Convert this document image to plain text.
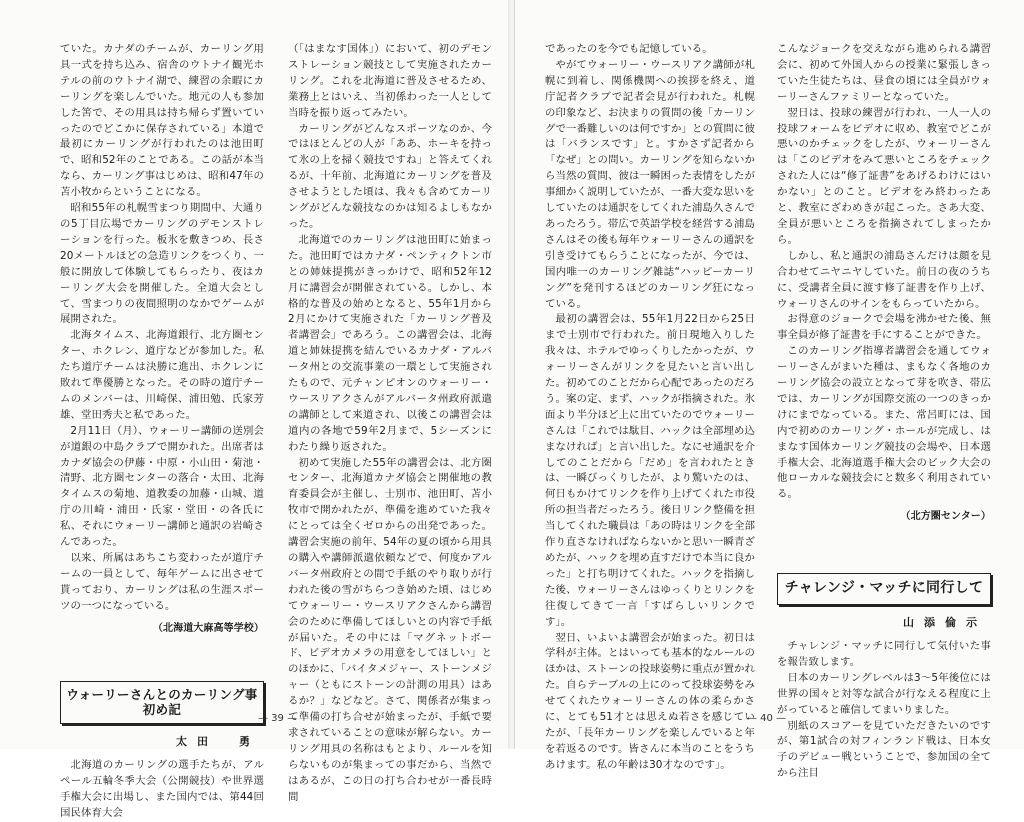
ていた。カナダのチームが、カーリング用具一式を持ち込み、宿舎のウトナイ観光ホテルの前のウトナイ湖で、練習の余暇にカーリングを楽しんでいた。地元の人も参加した筈で、その用具は持ち帰らず置いていったのでどこかに保存されている」本道で最初にカーリングが行われたのは池田町で、昭和52年のことである。この話が本当なら、カーリング事はじめは、昭和47年の苫小牧からということになる。

昭和55年の札幌雪まつり期間中、大通りの5丁目広場でカーリングのデモンストレーションを行った。板氷を敷きつめ、長さ20メートルほどの急造リンクをつくり、一般に開放して体験してもらったり、夜はカーリング大会を開催した。全道大会として、雪まつりの夜間照明のなかでゲームが展開された。

北海タイムス、北海道銀行、北方圏センター、ホクレン、道庁などが参加した。私たち道庁チームは決勝に進出、ホクレンに敗れて準優勝となった。その時の道庁チームのメンバーは、川崎保、浦田勉、氏家芳雄、堂田秀夫と私であった。

2月11日（月）、ウォーリー講師の送別会が道銀の中島クラブで開かれた。出席者はカナダ協会の伊藤・中原・小山田・菊池・清野、北方圏センターの落合・太田、北海タイムスの菊地、道教委の加藤・山城、道庁の川崎・浦田・氏家・堂田・の各氏に私、それにウォーリー講師と通訳の岩崎さんであった。

以来、所属はあちこち変わったが道庁チームの一員として、毎年ゲームに出させて貰っており、カーリングは私の生涯スポーツの一つになっている。

（北海道大麻高等学校）
ウォーリーさんとのカーリング事初め記
太田　勇

北海道のカーリングの選手たちが、アルペール五輪冬季大会（公開競技）や世界選手権大会に出場し、また国内では、第44回国民体育大会

（「はまなす国体」）において、初のデモンストレーション競技として実施されたカーリング。これを北海道に普及させるため、業務上とはいえ、当初係わった一人として当時を振り返ってみたい。

カーリングがどんなスポーツなのか、今ではほとんどの人が「ああ、ホーキを持って氷の上を掃く競技ですね」と答えてくれるが、十年前、北海道にカーリングを普及させようとした頃は、我々も含めてカーリングがどんな競技なのかは知るよしもなかった。

北海道でのカーリングは池田町に始まった。池田町ではカナダ・ペンティクトン市との姉妹提携がきっかけで、昭和52年12月に講習会が開催されている。しかし、本格的な普及の始めとなると、55年1月から2月にかけて実施された「カーリング普及者講習会」であろう。この講習会は、北海道と姉妹提携を結んでいるカナダ・アルバータ州との交流事業の一環として実施されたもので、元チャンピオンのウォーリー・ウースリアクさんがアルバータ州政府派遣の講師として来道され、以後この講習会は道内の各地で59年2月まで、5シーズンにわたり繰り返された。

初めて実施した55年の講習会は、北方圏センター、北海道カナダ協会と開催地の教育委員会が主催し、士別市、池田町、苫小牧市で開かれたが、準備を進めていた我々にとっては全くゼロからの出発であった。講習会実施の前年、54年の夏の頃から用具の購入や講師派遣依頼などで、何度かアルバータ州政府との間で手紙のやり取りが行われた後の雪がちらつき始めた頃、はじめてウォーリー・ウースリアクさんから講習会のために準備してほしいとの内容で手紙が届いた。その中には「マグネットボード、ビデオカメラの用意をしてほしい」とのほかに、「バイタメジャー、ストーンメジャー（ともにストーンの計測の用具）はあるか？」などなど。さて、関係者が集まって準備の打ち合せが始まったが、手紙で要求されていることの意味が解らない。カーリング用具の名称はもとより、ルールを知らないものが集まっての事だから、当然ではあるが、この日の打ち合わせが一番長時間

— 39 —

であったのを今でも記憶している。

やがてウォーリー・ウースリアク講師が札幌に到着し、関係機関への挨拶を終え、道庁記者クラブで記者会見が行われた。札幌の印象など、お決まりの質問の後「カーリングで一番難しいのは何ですか」との質問に彼は「バランスです」と。すかさず記者から「なぜ」との問い。カーリングを知らないから当然の質問、彼は一瞬困った表情をしたが事細かく説明していたが、一番大変な思いをしていたのは通訳をしてくれた浦島久さんであったろう。帯広で英語学校を経営する浦島さんはその後も毎年ウォーリーさんの通訳を引き受けてもらうことになったが、今では、国内唯一のカーリング雑誌“ハッピーカーリング”を発刊するほどのカーリング狂になっている。

最初の講習会は、55年1月22日から25日まで士別市で行われた。前日現地入りした我々は、ホテルでゆっくりしたかったが、ウォーリーさんがリンクを見たいと言い出した。初めてのことだから心配であったのだろう。案の定、まず、ハックが指摘された。氷面より半分ほど上に出ていたのでウォーリーさんは「これでは駄目、ハックは全部埋め込まなければ」と言い出した。なにせ通訳を介してのことだから「だめ」を言われたときは、一瞬びっくりしたが、より驚いたのは、何日もかけてリンクを作り上げてくれた市役所の担当者だったろう。後日リンク整備を担当してくれた職員は「あの時はリンクを全部作り直さなければならないかと思い一瞬青ざめたが、ハックを埋め直すだけで本当に良かった」と打ち明けてくれた。ハックを指摘した後、ウォーリーさんはゆっくりとリンクを往復してきて一言「すばらしいリンクです」。

翌日、いよいよ講習会が始まった。初日は学科が主体。とはいっても基本的なルールのほかは、ストーンの投球姿勢に重点が置かれた。自らテーブルの上にのって投球姿勢をみせてくれたウォーリーさんの体の柔らかさに、とても51才とは思えぬ若さを感じていたが、「長年カーリングを楽しんでいると年を若返るのです。皆さんに本当のことをうちあけます。私の年齢は30才なのです」。

こんなジョークを交えながら進められる講習会に、初めて外国人からの授業に緊張しきっていた生徒たちは、昼食の頃には全員がウォーリーさんファミリーとなっていた。

翌日は、投球の練習が行われ、一人一人の投球フォームをビデオに収め、教室でどこが悪いのかチェックをしたが、ウォーリーさんは「このビデオをみて悪いところをチェックされた人には“修了証書”をあげるわけにはいかない」とのこと。ビデオをみ終わったあと、教室にざわめきが起こった。さあ大変、全員が悪いところを指摘されてしまったから。

しかし、私と通訳の浦島さんだけは顔を見合わせてニヤニヤしていた。前日の夜のうちに、受講者全員に渡す修了証書を作り上げ、ウォーリさんのサインをもらっていたから。

お得意のジョークで会場を沸かせた後、無事全員が修了証書を手にすることができた。

このカーリング指導者講習会を通してウォーリーさんがまいた種は、まもなく各地のカーリング協会の設立となって芽を吹き、帯広では、カーリングが国際交流の一つのきっかけにまでなっている。また、常呂町には、国内で初めのカーリング・ホールが完成し、はまなす国体カーリング競技の会場や、日本選手権大会、北海道選手権大会のビック大会の他ローカルな競技会にと数多く利用されている。

（北方圏センター）
チャレンジ・マッチに同行して
山添倫示

チャレンジ・マッチに同行して気付いた事を報告致します。

日本のカーリングレベルは3～5年後位には世界の国々と対等な試合が行なえる程度に上がっていると確信してまいりました。

別紙のスコアーを見ていただきたいのですが、第1試合の対フィンランド戦は、日本女子のデビュー戦ということで、参加国の全てから注目

— 40 —
